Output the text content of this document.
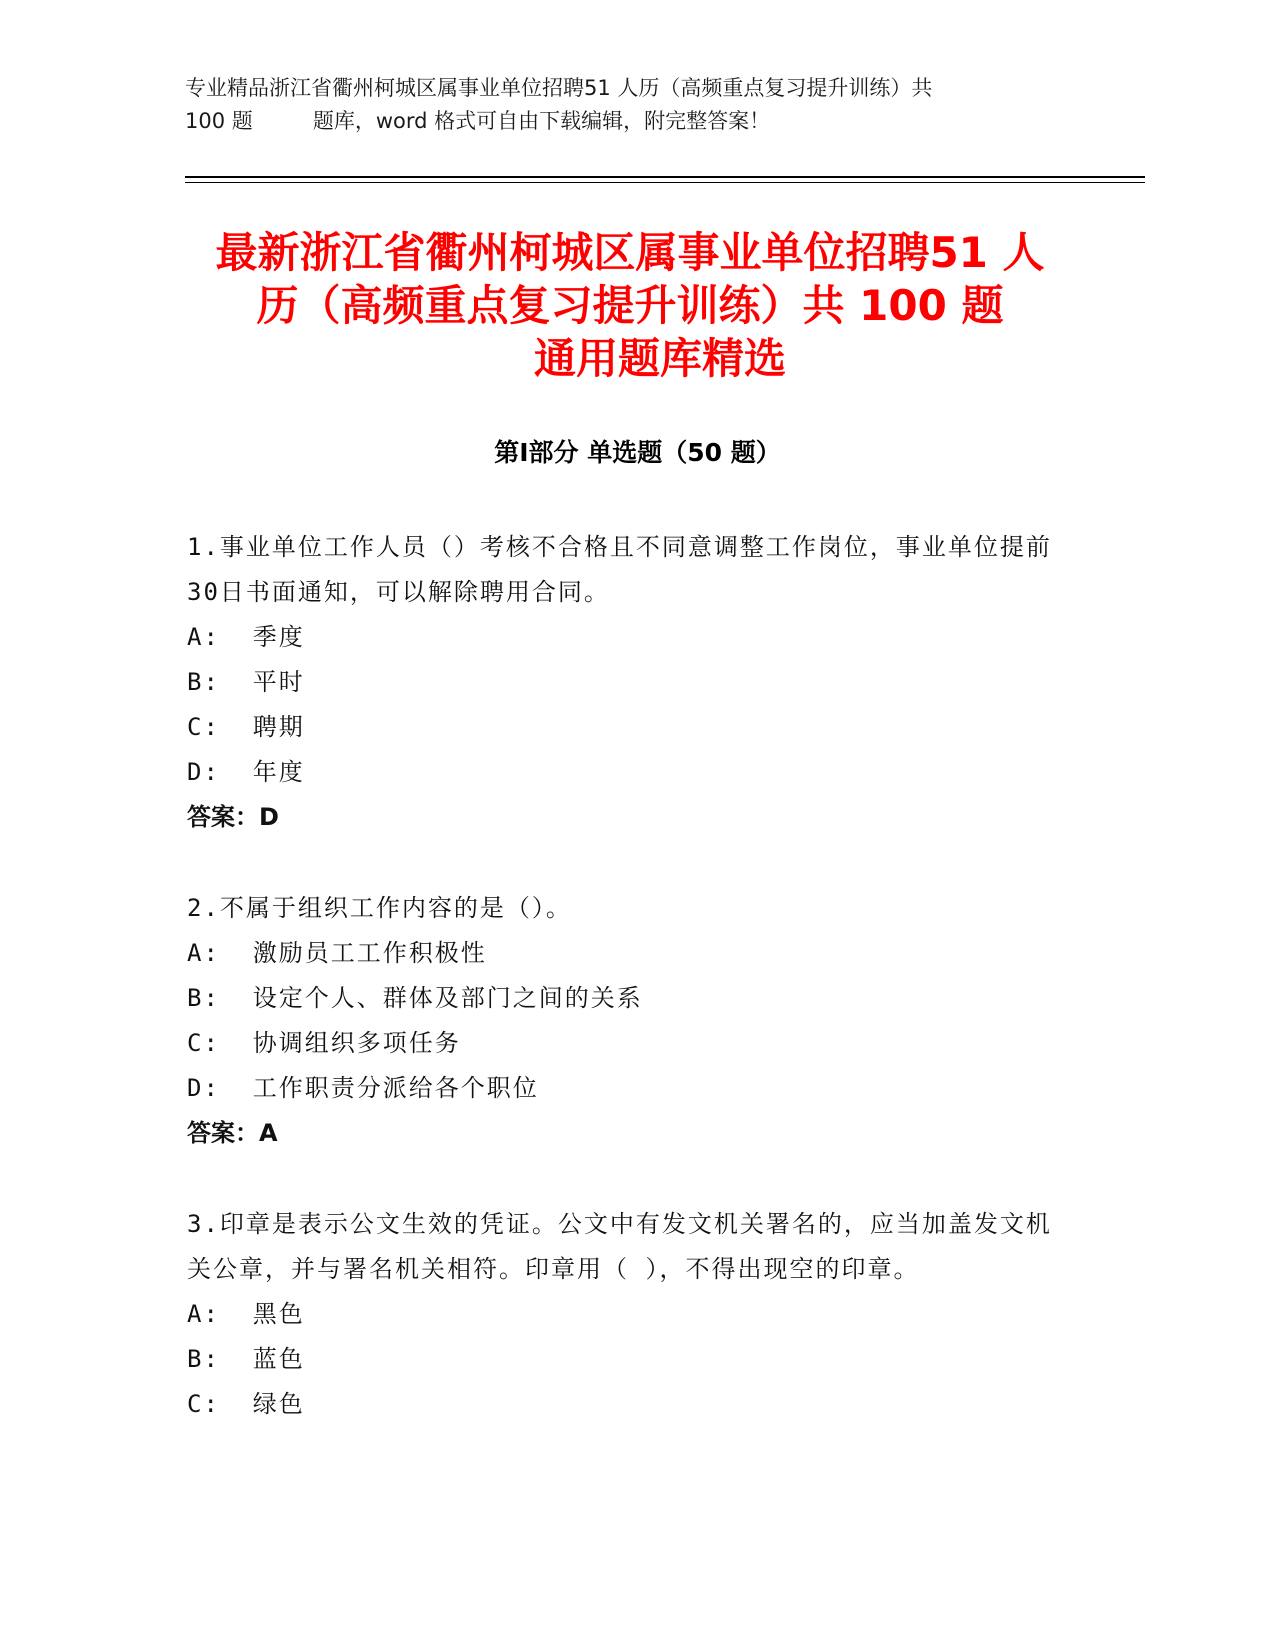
专业精品浙江省衢州柯城区属事业单位招聘51 人历（高频重点复习提升训练）共
100 题         题库，word 格式可自由下载编辑，附完整答案！
最新浙江省衢州柯城区属事业单位招聘51 人
历（高频重点复习提升训练）共 100 题
通用题库精选
第Ⅰ部分 单选题（50 题）
1.事业单位工作人员（）考核不合格且不同意调整工作岗位，事业单位提前30日书面通知，可以解除聘用合同。
A:  季度
B:  平时
C:  聘期
D:  年度
答案：D
2.不属于组织工作内容的是（）。
A:  激励员工工作积极性
B:  设定个人、群体及部门之间的关系
C:  协调组织多项任务
D:  工作职责分派给各个职位
答案：A
3.印章是表示公文生效的凭证。公文中有发文机关署名的，应当加盖发文机关公章，并与署名机关相符。印章用（ ），不得出现空的印章。
A:  黑色
B:  蓝色
C:  绿色
